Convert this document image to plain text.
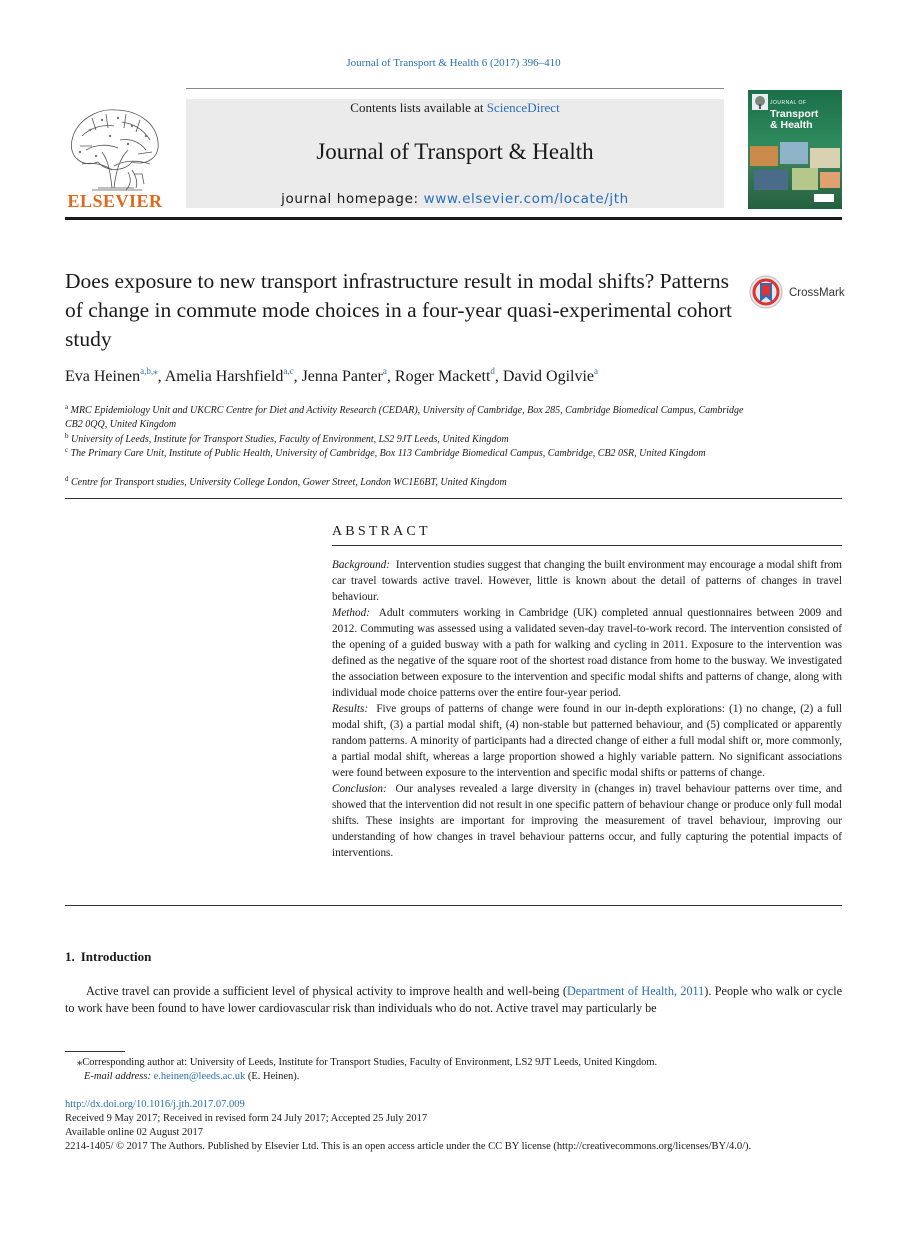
Journal of Transport & Health 6 (2017) 396–410
ELSEVIER
Contents lists available at ScienceDirect
Journal of Transport & Health
journal homepage: www.elsevier.com/locate/jth
JOURNAL OF
Transport
& Health
Does exposure to new transport infrastructure result in modal shifts? Patterns of change in commute mode choices in a four-year quasi-experimental cohort study
CrossMark
Eva Heinen$^{a,b,⁎}$, Amelia Harshfield$^{a,c}$, Jenna Panter$^a$, Roger Mackett$^d$, David Ogilvie$^a$
$^a$ MRC Epidemiology Unit and UKCRC Centre for Diet and Activity Research (CEDAR), University of Cambridge, Box 285, Cambridge Biomedical Campus, Cambridge CB2 0QQ, United Kingdom
$^b$ University of Leeds, Institute for Transport Studies, Faculty of Environment, LS2 9JT Leeds, United Kingdom
$^c$ The Primary Care Unit, Institute of Public Health, University of Cambridge, Box 113 Cambridge Biomedical Campus, Cambridge, CB2 0SR, United Kingdom
$^d$ Centre for Transport studies, University College London, Gower Street, London WC1E6BT, United Kingdom
ABSTRACT

Background: Intervention studies suggest that changing the built environment may encourage a modal shift from car travel towards active travel. However, little is known about the detail of patterns of changes in travel behaviour.

Method: Adult commuters working in Cambridge (UK) completed annual questionnaires between 2009 and 2012. Commuting was assessed using a validated seven-day travel-to-work record. The intervention consisted of the opening of a guided busway with a path for walking and cycling in 2011. Exposure to the intervention was defined as the negative of the square root of the shortest road distance from home to the busway. We investigated the association between exposure to the intervention and specific modal shifts and patterns of change, along with individual mode choice patterns over the entire four-year period.

Results: Five groups of patterns of change were found in our in-depth explorations: (1) no change, (2) a full modal shift, (3) a partial modal shift, (4) non-stable but patterned behaviour, and (5) complicated or apparently random patterns. A minority of participants had a directed change of either a full modal shift or, more commonly, a partial modal shift, whereas a large proportion showed a highly variable pattern. No significant associations were found between exposure to the intervention and specific modal shifts or patterns of change.

Conclusion: Our analyses revealed a large diversity in (changes in) travel behaviour patterns over time, and showed that the intervention did not result in one specific pattern of behaviour change or produce only full modal shifts. These insights are important for improving the measurement of travel behaviour, improving our understanding of how changes in travel behaviour patterns occur, and fully capturing the potential impacts of interventions.

1. Introduction
Active travel can provide a sufficient level of physical activity to improve health and well-being (Department of Health, 2011). People who walk or cycle to work have been found to have lower cardiovascular risk than individuals who do not. Active travel may particularly be
⁎Corresponding author at: University of Leeds, Institute for Transport Studies, Faculty of Environment, LS2 9JT Leeds, United Kingdom.
E-mail address: e.heinen@leeds.ac.uk (E. Heinen).
http://dx.doi.org/10.1016/j.jth.2017.07.009
Received 9 May 2017; Received in revised form 24 July 2017; Accepted 25 July 2017
Available online 02 August 2017
2214-1405/ © 2017 The Authors. Published by Elsevier Ltd. This is an open access article under the CC BY license (http://creativecommons.org/licenses/BY/4.0/).
